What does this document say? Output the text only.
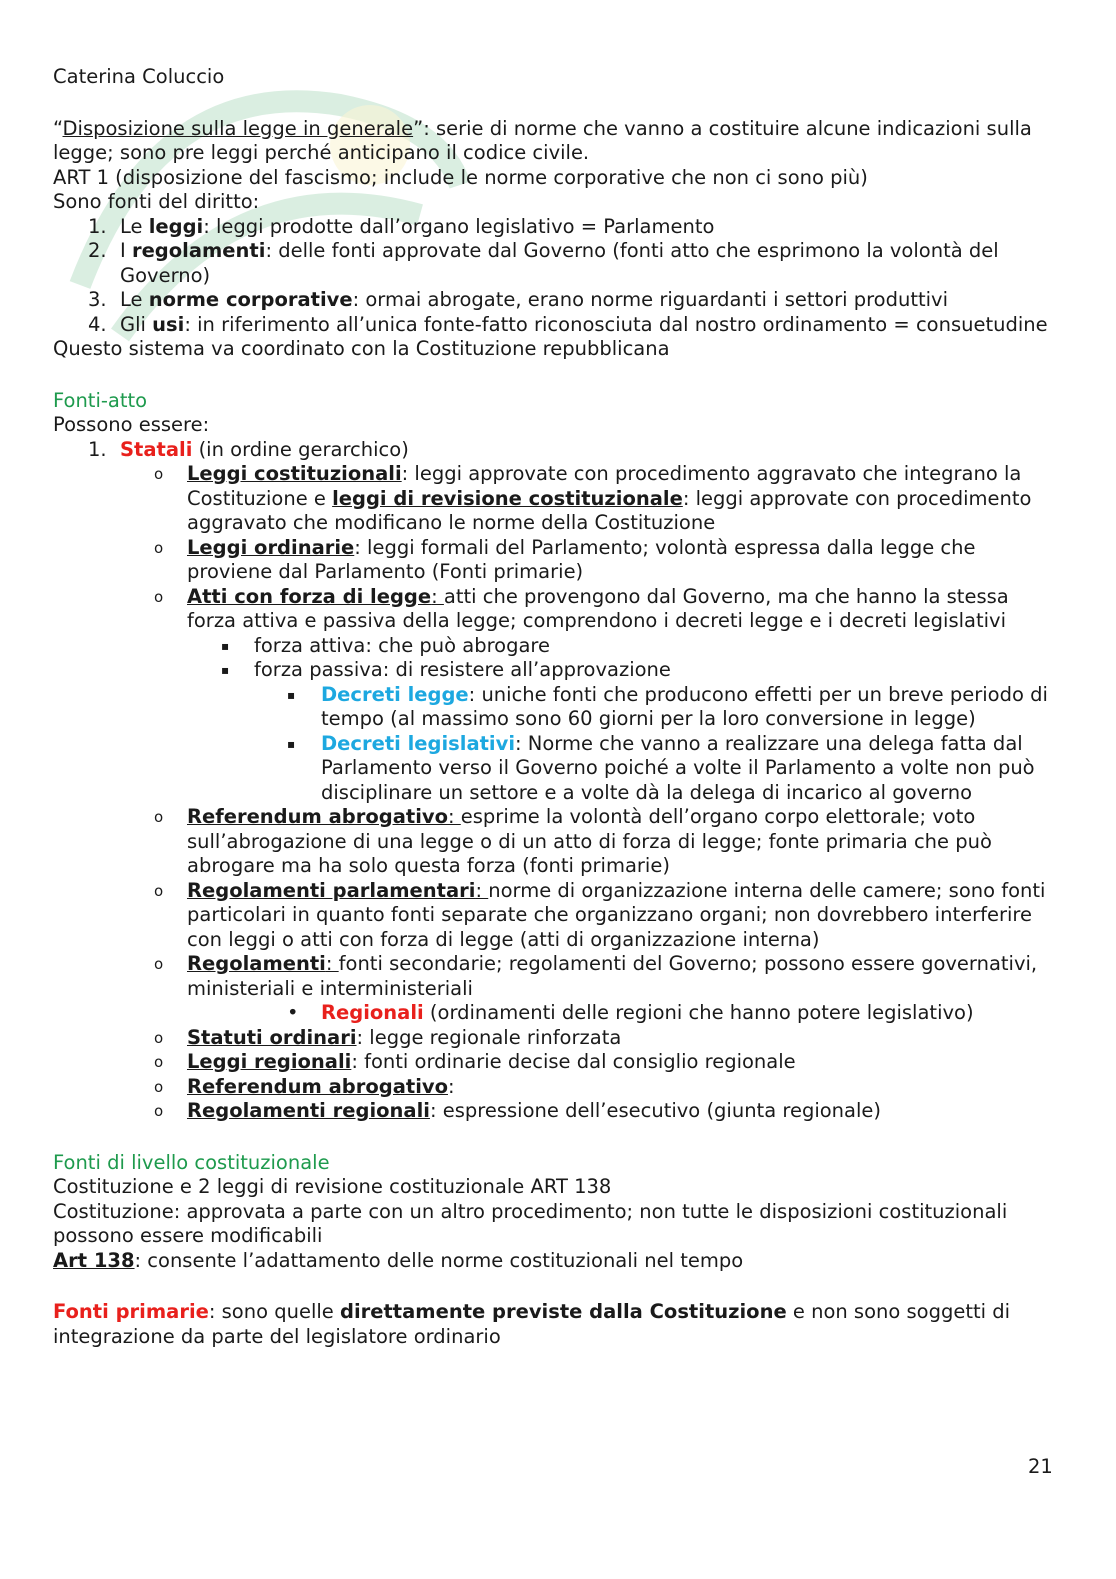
Caterina Coluccio

“Disposizione sulla legge in generale”: serie di norme che vanno a costituire alcune indicazioni sulla legge; sono pre leggi perché anticipano il codice civile.

ART 1 (disposizione del fascismo; include le norme corporative che non ci sono più)

Sono fonti del diritto:

1. Le leggi: leggi prodotte dall’organo legislativo = Parlamento
2. I regolamenti: delle fonti approvate dal Governo (fonti atto che esprimono la volontà del Governo)
3. Le norme corporative: ormai abrogate, erano norme riguardanti i settori produttivi
4. Gli usi: in riferimento all’unica fonte-fatto riconosciuta dal nostro ordinamento = consuetudine

Questo sistema va coordinato con la Costituzione repubblicana

Fonti-atto

Possono essere:

1. Statali (in ordine gerarchico)
o Leggi costituzionali: leggi approvate con procedimento aggravato che integrano la Costituzione e leggi di revisione costituzionale: leggi approvate con procedimento aggravato che modificano le norme della Costituzione
o Leggi ordinarie: leggi formali del Parlamento; volontà espressa dalla legge che proviene dal Parlamento (Fonti primarie)
o Atti con forza di legge: atti che provengono dal Governo, ma che hanno la stessa forza attiva e passiva della legge; comprendono i decreti legge e i decreti legislativi
▪ forza attiva: che può abrogare
▪ forza passiva: di resistere all’approvazione
▪ Decreti legge: uniche fonti che producono effetti per un breve periodo di tempo (al massimo sono 60 giorni per la loro conversione in legge)
▪ Decreti legislativi: Norme che vanno a realizzare una delega fatta dal Parlamento verso il Governo poiché a volte il Parlamento a volte non può disciplinare un settore e a volte dà la delega di incarico al governo
o Referendum abrogativo: esprime la volontà dell’organo corpo elettorale; voto sull’abrogazione di una legge o di un atto di forza di legge; fonte primaria che può abrogare ma ha solo questa forza (fonti primarie)
o Regolamenti parlamentari: norme di organizzazione interna delle camere; sono fonti particolari in quanto fonti separate che organizzano organi; non dovrebbero interferire con leggi o atti con forza di legge (atti di organizzazione interna)
o Regolamenti: fonti secondarie; regolamenti del Governo; possono essere governativi, ministeriali e interministeriali
• Regionali (ordinamenti delle regioni che hanno potere legislativo)
o Statuti ordinari: legge regionale rinforzata
o Leggi regionali: fonti ordinarie decise dal consiglio regionale
o Referendum abrogativo:
o Regolamenti regionali: espressione dell’esecutivo (giunta regionale)

Fonti di livello costituzionale

Costituzione e 2 leggi di revisione costituzionale ART 138

Costituzione: approvata a parte con un altro procedimento; non tutte le disposizioni costituzionali possono essere modificabili

Art 138: consente l’adattamento delle norme costituzionali nel tempo

Fonti primarie: sono quelle direttamente previste dalla Costituzione e non sono soggetti di integrazione da parte del legislatore ordinario

21
